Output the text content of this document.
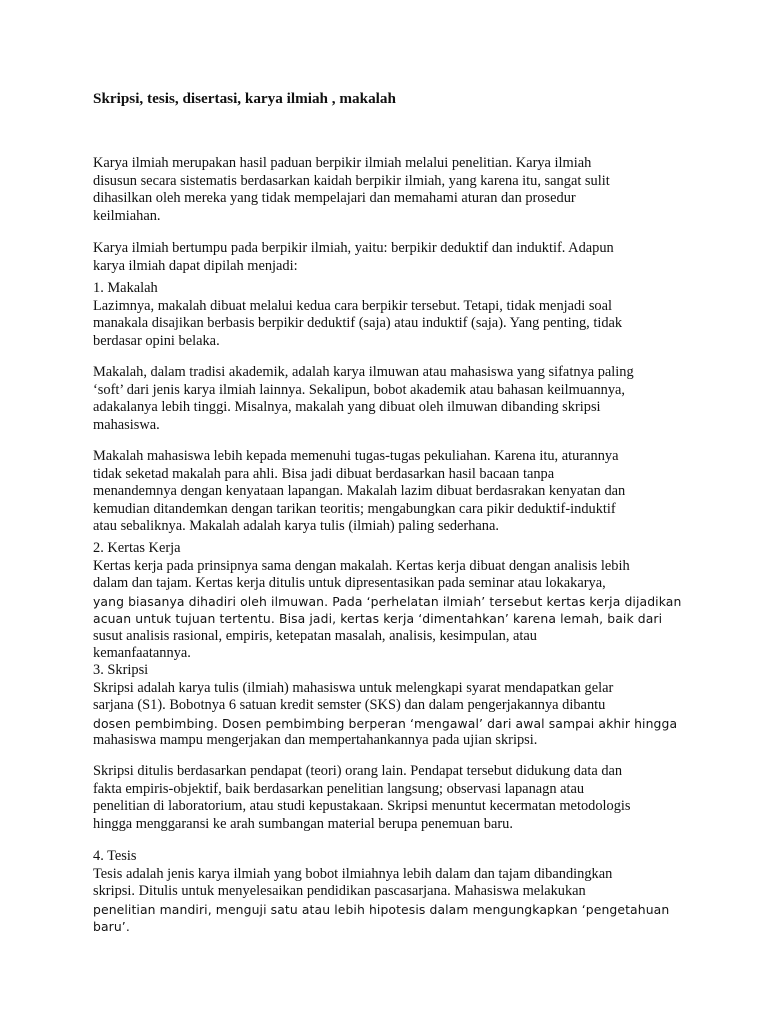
Skripsi, tesis, disertasi, karya ilmiah , makalah
Karya ilmiah merupakan hasil paduan berpikir ilmiah melalui penelitian. Karya ilmiah
disusun secara sistematis berdasarkan kaidah berpikir ilmiah, yang karena itu, sangat sulit
dihasilkan oleh mereka yang tidak mempelajari dan memahami aturan dan prosedur
keilmiahan.
Karya ilmiah bertumpu pada berpikir ilmiah, yaitu: berpikir deduktif dan induktif. Adapun
karya ilmiah dapat dipilah menjadi:
1. Makalah
Lazimnya, makalah dibuat melalui kedua cara berpikir tersebut. Tetapi, tidak menjadi soal
manakala disajikan berbasis berpikir deduktif (saja) atau induktif (saja). Yang penting, tidak
berdasar opini belaka.
Makalah, dalam tradisi akademik, adalah karya ilmuwan atau mahasiswa yang sifatnya paling
‘soft’ dari jenis karya ilmiah lainnya. Sekalipun, bobot akademik atau bahasan keilmuannya,
adakalanya lebih tinggi. Misalnya, makalah yang dibuat oleh ilmuwan dibanding skripsi
mahasiswa.
Makalah mahasiswa lebih kepada memenuhi tugas-tugas pekuliahan. Karena itu, aturannya
tidak seketad makalah para ahli. Bisa jadi dibuat berdasarkan hasil bacaan tanpa
menandemnya dengan kenyataan lapangan. Makalah lazim dibuat berdasrakan kenyatan dan
kemudian ditandemkan dengan tarikan teoritis; mengabungkan cara pikir deduktif-induktif
atau sebaliknya. Makalah adalah karya tulis (ilmiah) paling sederhana.
2. Kertas Kerja
Kertas kerja pada prinsipnya sama dengan makalah. Kertas kerja dibuat dengan analisis lebih
dalam dan tajam. Kertas kerja ditulis untuk dipresentasikan pada seminar atau lokakarya,
yang biasanya dihadiri oleh ilmuwan. Pada ‘perhelatan ilmiah’ tersebut kertas kerja dijadikan
acuan untuk tujuan tertentu. Bisa jadi, kertas kerja ‘dimentahkan’ karena lemah, baik dari
susut analisis rasional, empiris, ketepatan masalah, analisis, kesimpulan, atau
kemanfaatannya.
3. Skripsi
Skripsi adalah karya tulis (ilmiah) mahasiswa untuk melengkapi syarat mendapatkan gelar
sarjana (S1). Bobotnya 6 satuan kredit semster (SKS) dan dalam pengerjakannya dibantu
dosen pembimbing. Dosen pembimbing berperan ‘mengawal’ dari awal sampai akhir hingga
mahasiswa mampu mengerjakan dan mempertahankannya pada ujian skripsi.
Skripsi ditulis berdasarkan pendapat (teori) orang lain. Pendapat tersebut didukung data dan
fakta empiris-objektif, baik berdasarkan penelitian langsung; observasi lapanagn atau
penelitian di laboratorium, atau studi kepustakaan. Skripsi menuntut kecermatan metodologis
hingga menggaransi ke arah sumbangan material berupa penemuan baru.
4. Tesis
Tesis adalah jenis karya ilmiah yang bobot ilmiahnya lebih dalam dan tajam dibandingkan
skripsi. Ditulis untuk menyelesaikan pendidikan pascasarjana. Mahasiswa melakukan
penelitian mandiri, menguji satu atau lebih hipotesis dalam mengungkapkan ‘pengetahuan
baru’.
